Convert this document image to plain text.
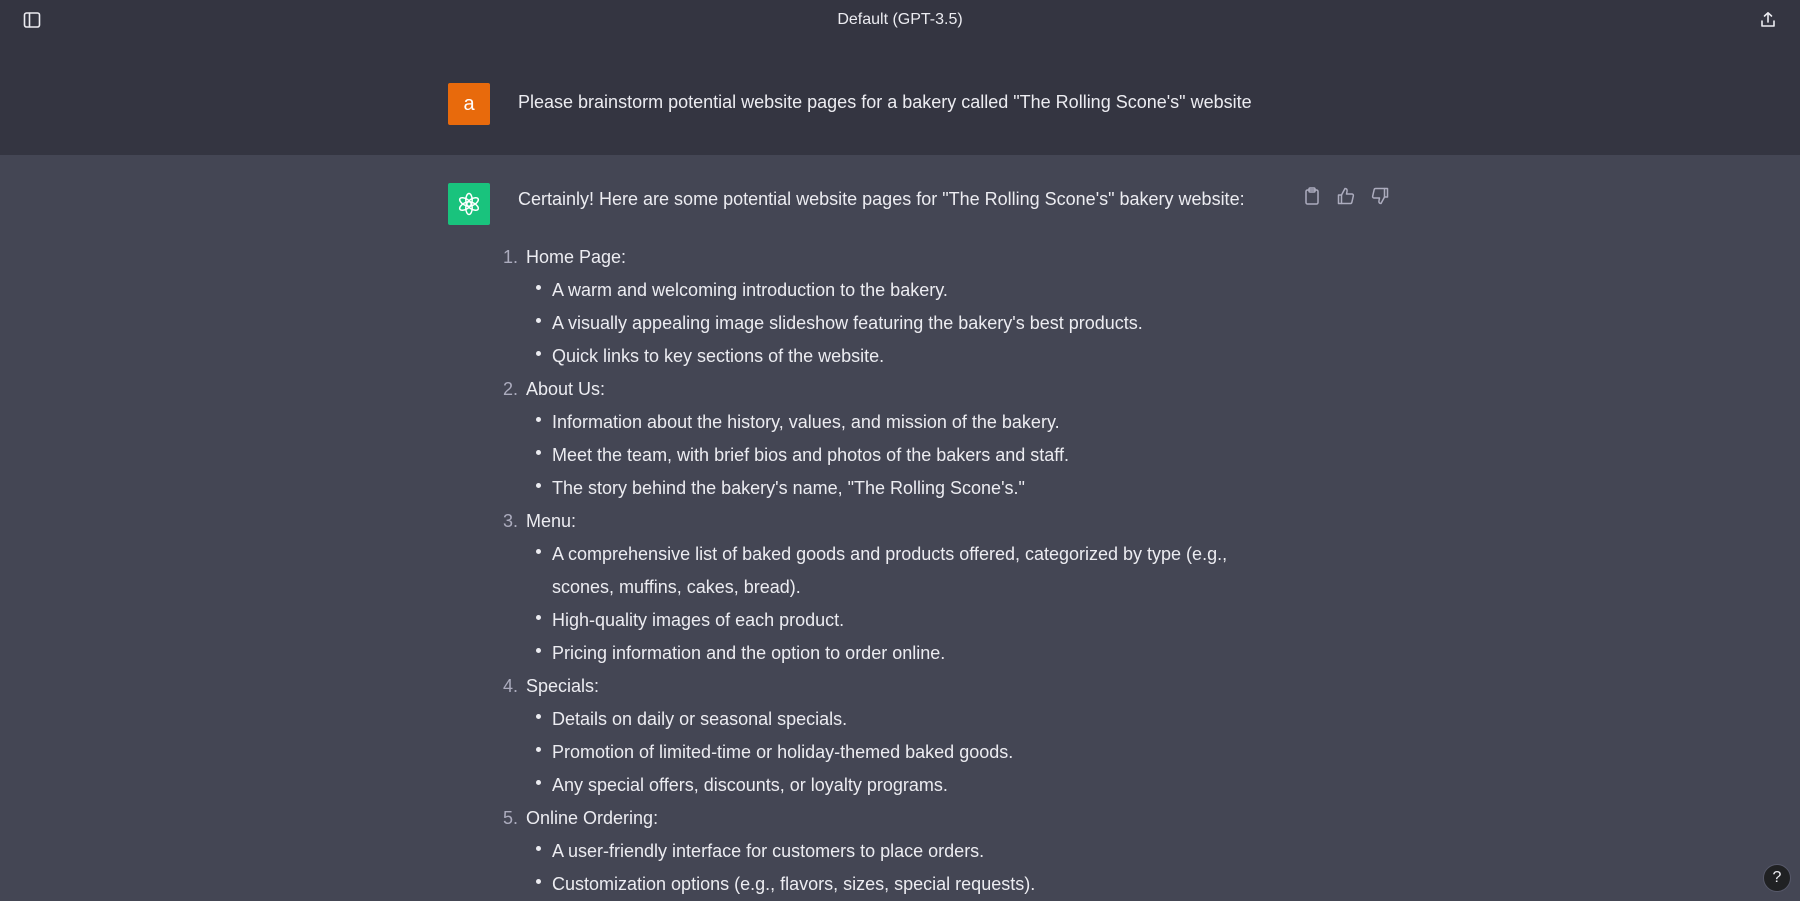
Default (GPT-3.5)
a	Please brainstorm potential website pages for a bakery called "The Rolling Scone's" website
Certainly! Here are some potential website pages for "The Rolling Scone's" bakery website:
1. Home Page:
A warm and welcoming introduction to the bakery.
A visually appealing image slideshow featuring the bakery's best products.
Quick links to key sections of the website.
2. About Us:
Information about the history, values, and mission of the bakery.
Meet the team, with brief bios and photos of the bakers and staff.
The story behind the bakery's name, "The Rolling Scone's."
3. Menu:
A comprehensive list of baked goods and products offered, categorized by type (e.g., scones, muffins, cakes, bread).
High-quality images of each product.
Pricing information and the option to order online.
4. Specials:
Details on daily or seasonal specials.
Promotion of limited-time or holiday-themed baked goods.
Any special offers, discounts, or loyalty programs.
5. Online Ordering:
A user-friendly interface for customers to place orders.
Customization options (e.g., flavors, sizes, special requests).	?
